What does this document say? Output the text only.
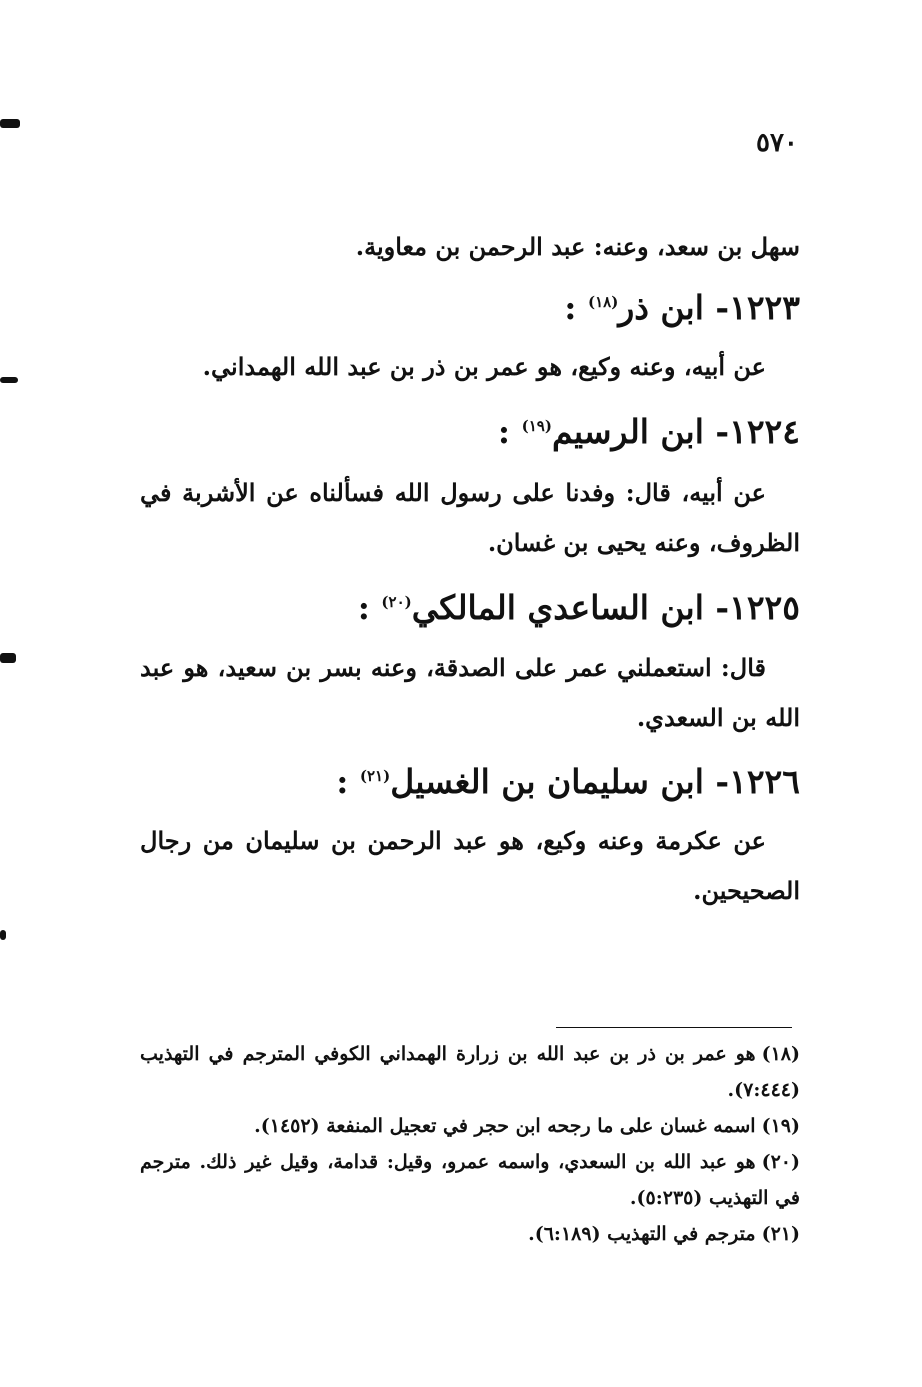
٥٧٠
سهل بن سعد، وعنه: عبد الرحمن بن معاوية.
١٢٢٣- ابن ذر$^{(١٨)}$ :
عن أبيه، وعنه وكيع، هو عمر بن ذر بن عبد الله الهمداني.
١٢٢٤- ابن الرسيم$^{(١٩)}$ :
عن أبيه، قال: وفدنا على رسول الله فسألناه عن الأشربة في الظروف، وعنه يحيى بن غسان.
١٢٢٥- ابن الساعدي المالكي$^{(٢٠)}$ :
قال: استعملني عمر على الصدقة، وعنه بسر بن سعيد، هو عبد الله بن السعدي.
١٢٢٦- ابن سليمان بن الغسيل$^{(٢١)}$ :
عن عكرمة وعنه وكيع، هو عبد الرحمن بن سليمان من رجال الصحيحين.

(١٨)هو عمر بن ذر بن عبد الله بن زرارة الهمداني الكوفي المترجم في التهذيب (٧:٤٤٤).

(١٩)اسمه غسان على ما رجحه ابن حجر في تعجيل المنفعة (١٤٥٢).

(٢٠)هو عبد الله بن السعدي، واسمه عمرو، وقيل: قدامة، وقيل غير ذلك. مترجم في التهذيب (٥:٢٣٥).

(٢١)مترجم في التهذيب (٦:١٨٩).
